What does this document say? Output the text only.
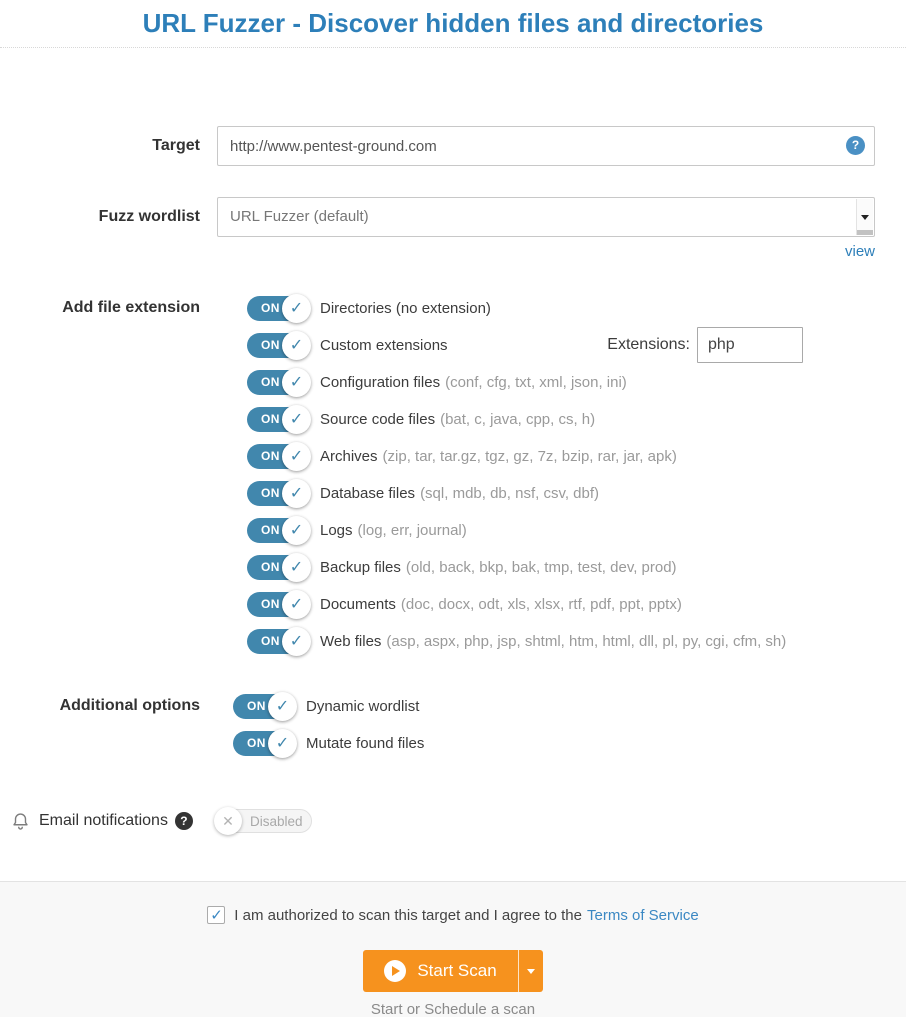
URL Fuzzer - Discover hidden files and directories
Target
http://www.pentest-ground.com	?
Fuzz wordlist	URL Fuzzer (default)
view
Add file extension	ON ✓	Directories (no extension)
ON ✓	Custom extensions	Extensions:
php
ON ✓	Configuration files (conf, cfg, txt, xml, json, ini)
ON ✓	Source code files (bat, c, java, cpp, cs, h)
ON ✓	Archives (zip, tar, tar.gz, tgz, gz, 7z, bzip, rar, jar, apk)
ON ✓	Database files (sql, mdb, db, nsf, csv, dbf)
ON ✓	Logs (log, err, journal)
ON ✓	Backup files (old, back, bkp, bak, tmp, test, dev, prod)
ON ✓	Documents (doc, docx, odt, xls, xlsx, rtf, pdf, ppt, pptx)
ON ✓	Web files (asp, aspx, php, jsp, shtml, htm, html, dll, pl, py, cgi, cfm, sh)
Additional options	ON ✓	Dynamic wordlist
ON ✓	Mutate found files
Email notifications	?	✕	Disabled
✓ I am authorized to scan this target and I agree to the Terms of Service
Start Scan
Start or Schedule a scan
